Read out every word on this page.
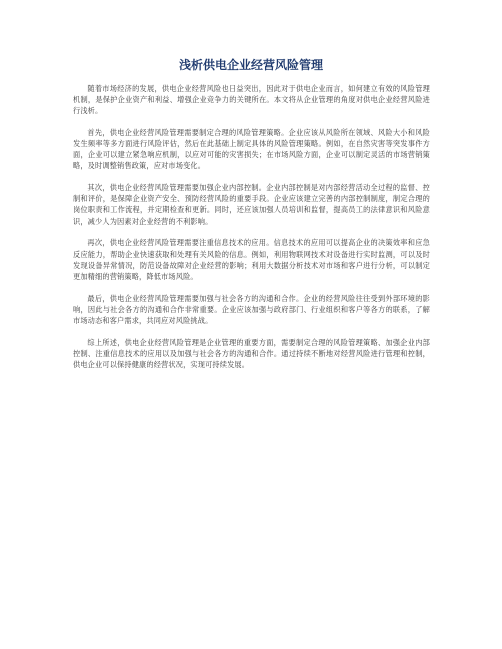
浅析供电企业经营风险管理

随着市场经济的发展，供电企业经营风险也日益突出，因此对于供电企业而言，如何建立有效的风险管理机制，是保护企业资产和利益、增强企业竞争力的关键所在。本文将从企业管理的角度对供电企业经营风险进行浅析。

首先，供电企业经营风险管理需要制定合理的风险管理策略。企业应该从风险所在领域、风险大小和风险发生频率等多方面进行风险评估，然后在此基础上制定具体的风险管理策略。例如，在自然灾害等突发事件方面，企业可以建立紧急响应机制，以应对可能的灾害损失；在市场风险方面，企业可以制定灵活的市场营销策略，及时调整销售政策，应对市场变化。

其次，供电企业经营风险管理需要加强企业内部控制。企业内部控制是对内部经营活动全过程的监督、控制和评价，是保障企业资产安全、预防经营风险的重要手段。企业应该建立完善的内部控制制度，制定合理的岗位职责和工作流程，并定期检查和更新。同时，还应该加强人员培训和监督，提高员工的法律意识和风险意识，减少人为因素对企业经营的不利影响。

再次，供电企业经营风险管理需要注重信息技术的应用。信息技术的应用可以提高企业的决策效率和应急反应能力，帮助企业快速获取和处理有关风险的信息。例如，利用物联网技术对设备进行实时监测，可以及时发现设备异常情况，防范设备故障对企业经营的影响；利用大数据分析技术对市场和客户进行分析，可以制定更加精细的营销策略，降低市场风险。

最后，供电企业经营风险管理需要加强与社会各方的沟通和合作。企业的经营风险往往受到外部环境的影响，因此与社会各方的沟通和合作非常重要。企业应该加强与政府部门、行业组织和客户等各方的联系，了解市场动态和客户需求，共同应对风险挑战。

综上所述，供电企业经营风险管理是企业管理的重要方面，需要制定合理的风险管理策略、加强企业内部控制、注重信息技术的应用以及加强与社会各方的沟通和合作。通过持续不断地对经营风险进行管理和控制，供电企业可以保持健康的经营状况，实现可持续发展。
